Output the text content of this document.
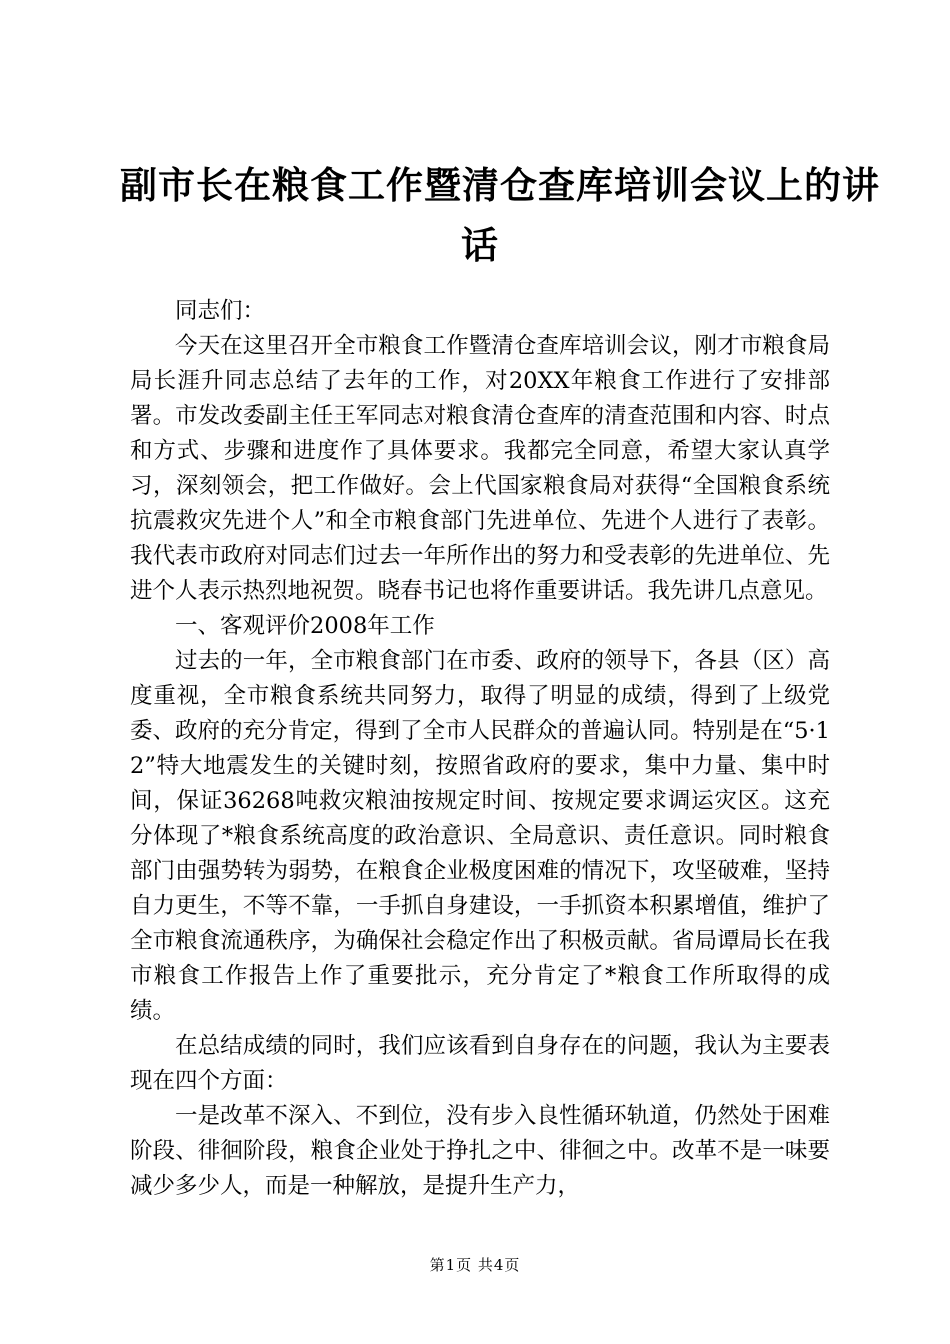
副市长在粮食工作暨清仓查库培训会议上的讲
话

同志们：

今天在这里召开全市粮食工作暨清仓查库培训会议，刚才市粮食局局长涯升同志总结了去年的工作，对20XX年粮食工作进行了安排部署。市发改委副主任王军同志对粮食清仓查库的清查范围和内容、时点和方式、步骤和进度作了具体要求。我都完全同意，希望大家认真学习，深刻领会，把工作做好。会上代国家粮食局对获得“全国粮食系统抗震救灾先进个人”和全市粮食部门先进单位、先进个人进行了表彰。我代表市政府对同志们过去一年所作出的努力和受表彰的先进单位、先进个人表示热烈地祝贺。晓春书记也将作重要讲话。我先讲几点意见。

一、客观评价2008年工作

过去的一年，全市粮食部门在市委、政府的领导下，各县（区）高度重视，全市粮食系统共同努力，取得了明显的成绩，得到了上级党委、政府的充分肯定，得到了全市人民群众的普遍认同。特别是在“5·12”特大地震发生的关键时刻，按照省政府的要求，集中力量、集中时间，保证36268吨救灾粮油按规定时间、按规定要求调运灾区。这充分体现了*粮食系统高度的政治意识、全局意识、责任意识。同时粮食部门由强势转为弱势，在粮食企业极度困难的情况下，攻坚破难，坚持自力更生，不等不靠，一手抓自身建设，一手抓资本积累增值，维护了全市粮食流通秩序，为确保社会稳定作出了积极贡献。省局谭局长在我市粮食工作报告上作了重要批示，充分肯定了*粮食工作所取得的成绩。

在总结成绩的同时，我们应该看到自身存在的问题，我认为主要表现在四个方面：

一是改革不深入、不到位，没有步入良性循环轨道，仍然处于困难阶段、徘徊阶段，粮食企业处于挣扎之中、徘徊之中。改革不是一味要减少多少人，而是一种解放，是提升生产力，

第1页 共4页
